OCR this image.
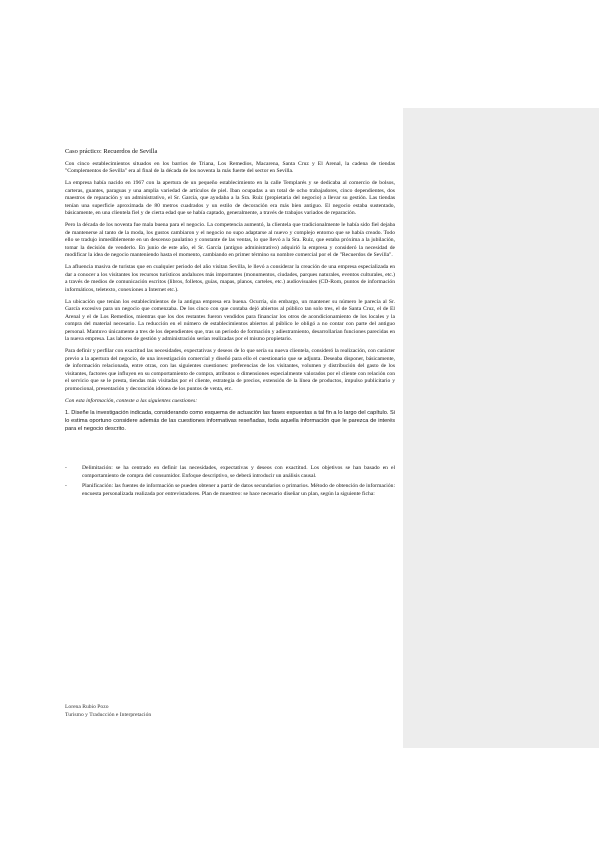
Caso práctico: Recuerdos de Sevilla

Con cinco establecimientos situados en los barrios de Triana, Los Remedios, Macarena, Santa Cruz y El Arenal, la cadena de tiendas "Complementos de Sevilla" era al final de la década de los noventa la más fuerte del sector en Sevilla.

La empresa había nacido en 1967 con la apertura de un pequeño establecimiento en la calle Templarés y se dedicaba al comercio de bolsos, carteras, guantes, paraguas y una amplia variedad de artículos de piel. Iban ocupadas a un total de ocho trabajadores, cinco dependientes, dos maestros de reparación y un administrativo, el Sr. García, que ayudaba a la Sra. Ruiz (propietaria del negocio) a llevar su gestión. Las tiendas tenían una superficie aproximada de 80 metros cuadrados y un estilo de decoración era más bien antiguo. El negocio estaba sustentado, básicamente, en una clientela fiel y de cierta edad que se había captado, generalmente, a través de trabajos variados de reparación.

Pero la década de los noventa fue mala buena para el negocio. La competencia aumentó, la clientela que tradicionalmente le había sido fiel dejaba de mantenerse al tanto de la moda, los gustos cambiaron y el negocio no supo adaptarse al nuevo y complejo entorno que se había creado. Todo ello se tradujo inmediblemente en un descenso paulatino y constante de las ventas, lo que llevó a la Sra. Ruiz, que estaba próxima a la jubilación, tomar la decisión de venderlo. En junio de este año, el Sr. García (antiguo administrativo) adquirió la empresa y consideró la necesidad de modificar la idea de negocio manteniendo hasta el momento, cambiando en primer término su nombre comercial por el de "Recuerdos de Sevilla".

La afluencia masiva de turistas que en cualquier periodo del año visitan Sevilla, le llevó a considerar la creación de una empresa especializada en dar a conocer a los visitantes los recursos turísticos andaluces más importantes (monumentos, ciudades, parques naturales, eventos culturales, etc.) a través de medios de comunicación escritos (libros, folletos, guías, mapas, planos, carteles, etc.) audiovisuales (CD-Rom, puntos de información informáticos, teletexto, conexiones a Internet etc.).

La ubicación que tenían los establecimientos de la antigua empresa era buena. Ocurría, sin embargo, un mantener su número le parecía al Sr. García excesivo para un negocio que comenzaba. De los cinco con que contaba dejó abiertos al público tan solo tres, el de Santa Cruz, el de El Arenal y el de Los Remedios, mientras que los dos restantes fueron vendidos para financiar los otros de acondicionamiento de los locales y la compra del material necesario. La reducción en el número de establecimientos abiertos al público le obligó a no contar con parte del antiguo personal. Mantuvo únicamente a tres de los dependientes que, tras un periodo de formación y adiestramiento, desarrollarían funciones parecidas en la nueva empresa. Las labores de gestión y administración serían realizadas por el mismo propietario.

Para definir y perfilar con exactitud las necesidades, expectativas y deseos de lo que sería su nueva clientela, consideró la realización, con carácter previo a la apertura del negocio, de una investigación comercial y diseñó para ello el cuestionario que se adjunta. Deseaba disponer, básicamente, de información relacionada, entre otras, con las siguientes cuestiones: preferencias de los visitantes, volumen y distribución del gasto de los visitantes, factores que influyen en su comportamiento de compra, atributos o dimensiones especialmente valorados por el cliente con relación con el servicio que se le presta, tiendas más visitadas por el cliente, estrategia de precios, extensión de la línea de productos, impulso publicitario y promocional, presentación y decoración idónea de los puntos de venta, etc.

Con esta información, conteste a las siguientes cuestiones:

1. Diseñe la investigación indicada, considerando como esquema de actuación las fases expuestas a tal fin a lo largo del capítulo. Si lo estima oportuno considere además de las cuestiones informativas reseñadas, toda aquella información que le parezca de interés para el negocio descrito.

-	Delimitación: se ha centrado en definir las necesidades, expectativas y deseos con exactitud. Los objetivos se han basado en el comportamiento de compra del consumidor. Enfoque descriptivo, se deberá introducir un análisis causal.
-	Planificación: las fuentes de información se pueden obtener a partir de datos secundarios o primarios. Método de obtención de información: encuesta personalizada realizada por entrevistadores. Plan de muestreo: se hace necesario diseñar un plan, según la siguiente ficha:
Lorena Rubio Pozo
Turismo y Traducción e Interpretación
